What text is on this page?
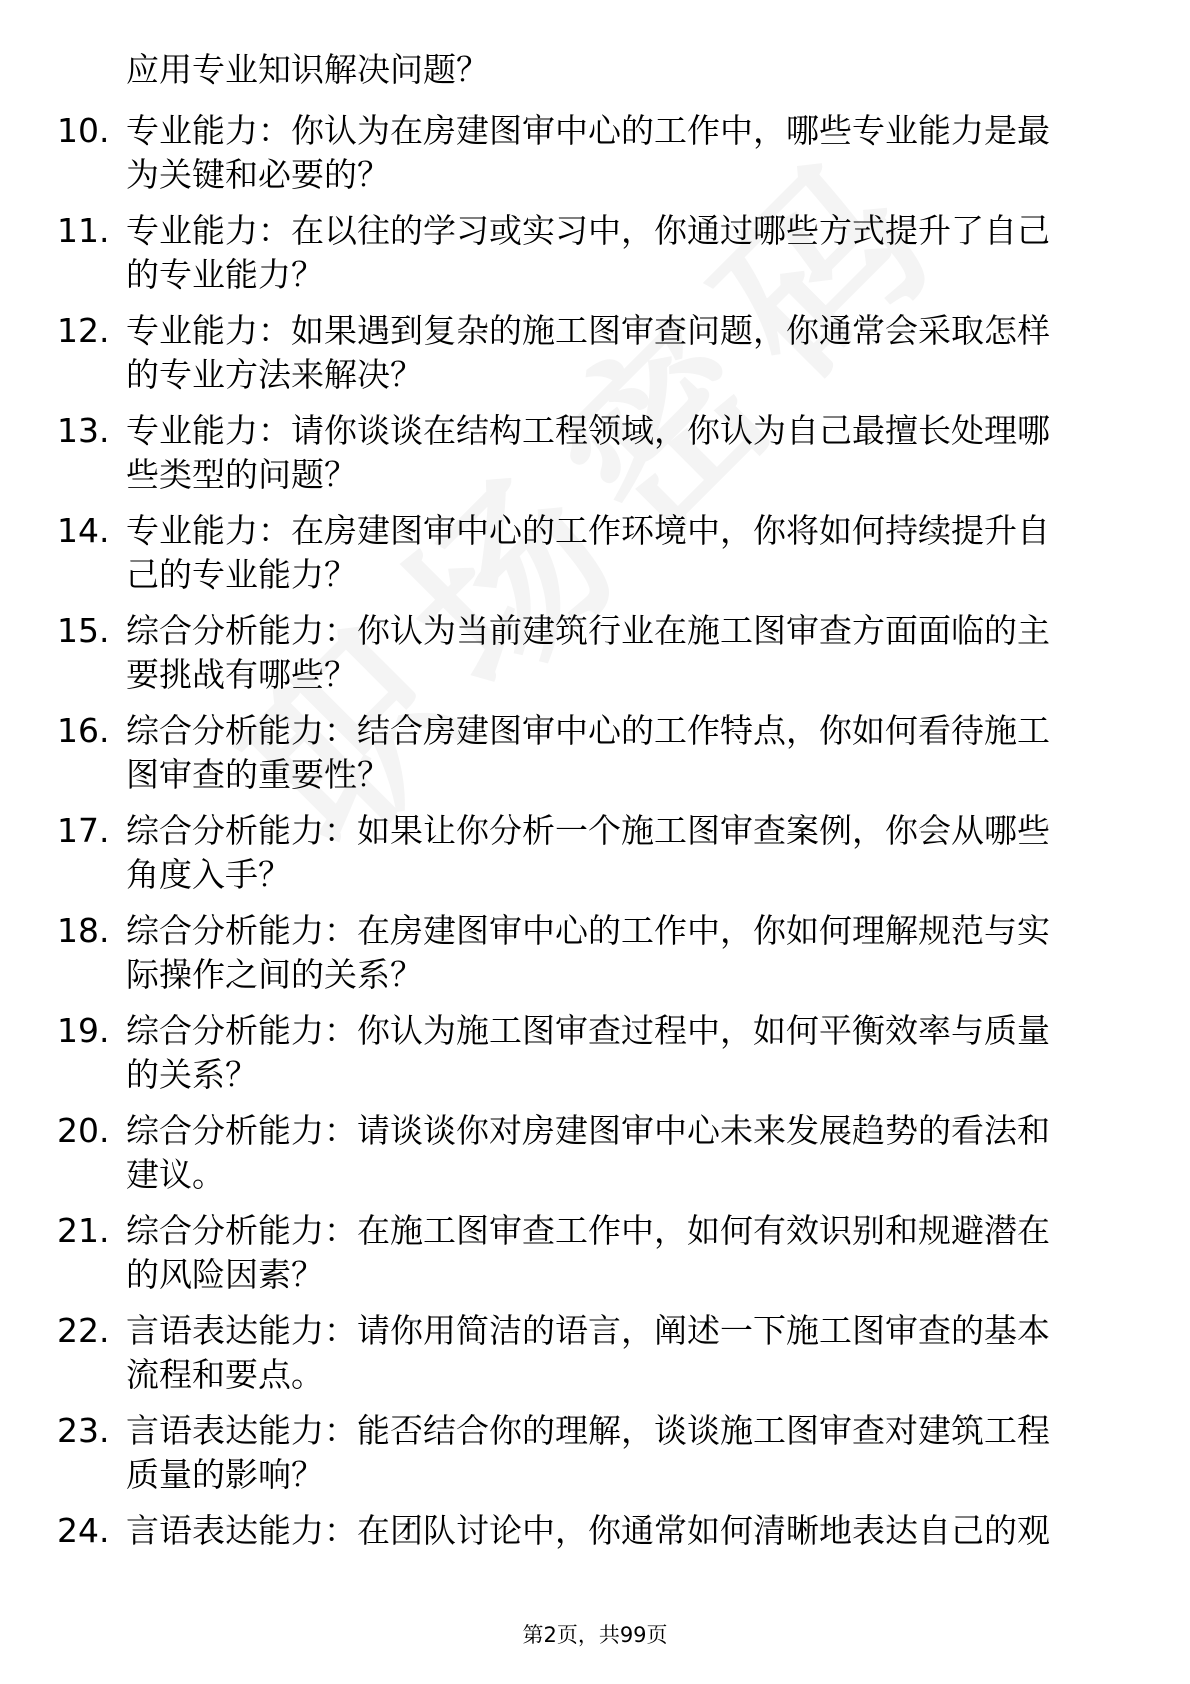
应用专业知识解决问题？
10. 专业能力：你认为在房建图审中心的工作中，哪些专业能力是最
为关键和必要的？
11. 专业能力：在以往的学习或实习中，你通过哪些方式提升了自己
的专业能力？
12. 专业能力：如果遇到复杂的施工图审查问题，你通常会采取怎样
的专业方法来解决？
13. 专业能力：请你谈谈在结构工程领域，你认为自己最擅长处理哪
些类型的问题？
14. 专业能力：在房建图审中心的工作环境中，你将如何持续提升自
己的专业能力？
15. 综合分析能力：你认为当前建筑行业在施工图审查方面面临的主
要挑战有哪些？
16. 综合分析能力：结合房建图审中心的工作特点，你如何看待施工
图审查的重要性？
17. 综合分析能力：如果让你分析一个施工图审查案例，你会从哪些
角度入手？
18. 综合分析能力：在房建图审中心的工作中，你如何理解规范与实
际操作之间的关系？
19. 综合分析能力：你认为施工图审查过程中，如何平衡效率与质量
的关系？
20. 综合分析能力：请谈谈你对房建图审中心未来发展趋势的看法和
建议。
21. 综合分析能力：在施工图审查工作中，如何有效识别和规避潜在
的风险因素？
22. 言语表达能力：请你用简洁的语言，阐述一下施工图审查的基本
流程和要点。
23. 言语表达能力：能否结合你的理解，谈谈施工图审查对建筑工程
质量的影响？
24. 言语表达能力：在团队讨论中，你通常如何清晰地表达自己的观
第2页，共99页
